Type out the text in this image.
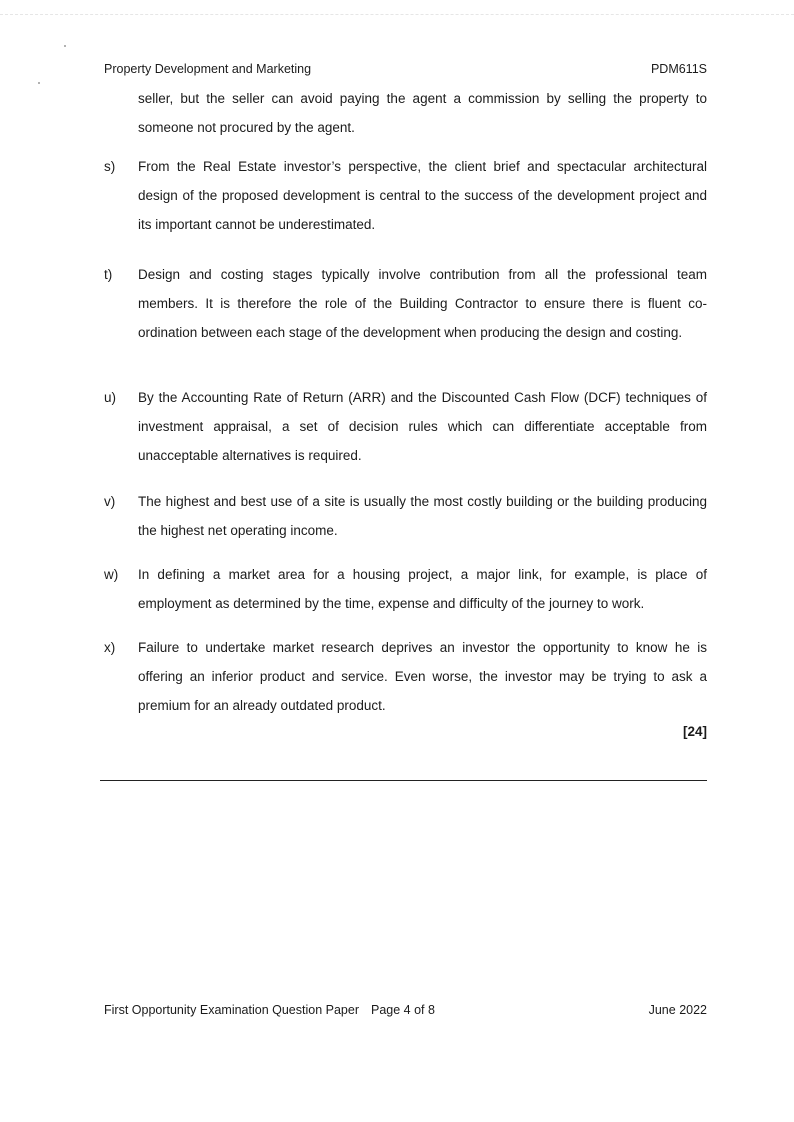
Property Development and Marketing	PDM611S

seller, but the seller can avoid paying the agent a commission by selling the property to someone not procured by the agent.

s)	From the Real Estate investor’s perspective, the client brief and spectacular architectural design of the proposed development is central to the success of the development project and its important cannot be underestimated.
t)	Design and costing stages typically involve contribution from all the professional team members. It is therefore the role of the Building Contractor to ensure there is fluent co-ordination between each stage of the development when producing the design and costing.
u)	By the Accounting Rate of Return (ARR) and the Discounted Cash Flow (DCF) techniques of investment appraisal, a set of decision rules which can differentiate acceptable from unacceptable alternatives is required.
v)	The highest and best use of a site is usually the most costly building or the building producing the highest net operating income.
w)	In defining a market area for a housing project, a major link, for example, is place of employment as determined by the time, expense and difficulty of the journey to work.
x)	Failure to undertake market research deprives an investor the opportunity to know he is offering an inferior product and service. Even worse, the investor may be trying to ask a premium for an already outdated product.
[24]
First Opportunity Examination Question Paper Page 4 of 8	June 2022
